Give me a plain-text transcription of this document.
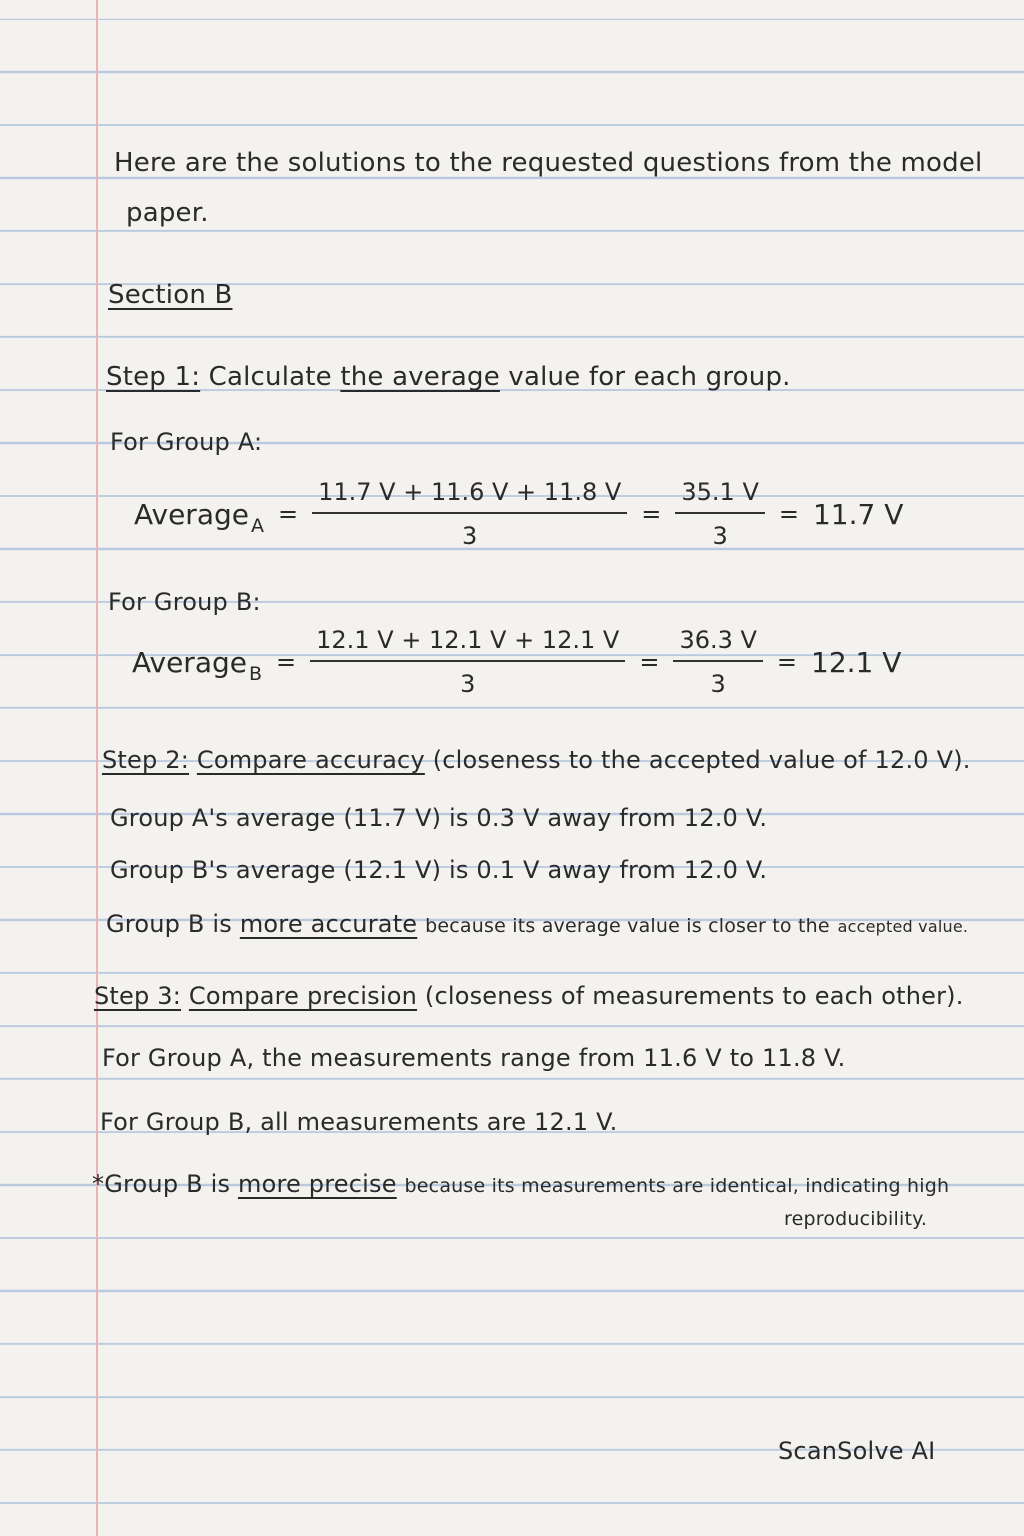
Here are the solutions to the requested questions from the model
paper.
Section B
Step 1: Calculate the average value for each group.
For Group A:
Average $A = \frac{11.7 V + 11.6 V + 11.8 V}{3} = \frac{35.1 V}{3} = 11.7$ V
For Group B:
Average $B = \frac{12.1 V + 12.1 V + 12.1 V}{3} = \frac{36.3 V}{3} = 12.1$ V
Step 2: Compare accuracy (closeness to the accepted value of 12.0 V).
Group A's average (11.7 V) is 0.3 V away from 12.0 V.
Group B's average (12.1 V) is 0.1 V away from 12.0 V.
Group B is more accurate because its average value is closer to the accepted value.
Step 3: Compare precision (closeness of measurements to each other).
For Group A, the measurements range from 11.6 V to 11.8 V.
For Group B, all measurements are 12.1 V.
*Group B is more precise because its measurements are identical, indicating high
reproducibility.
ScanSolve AI
